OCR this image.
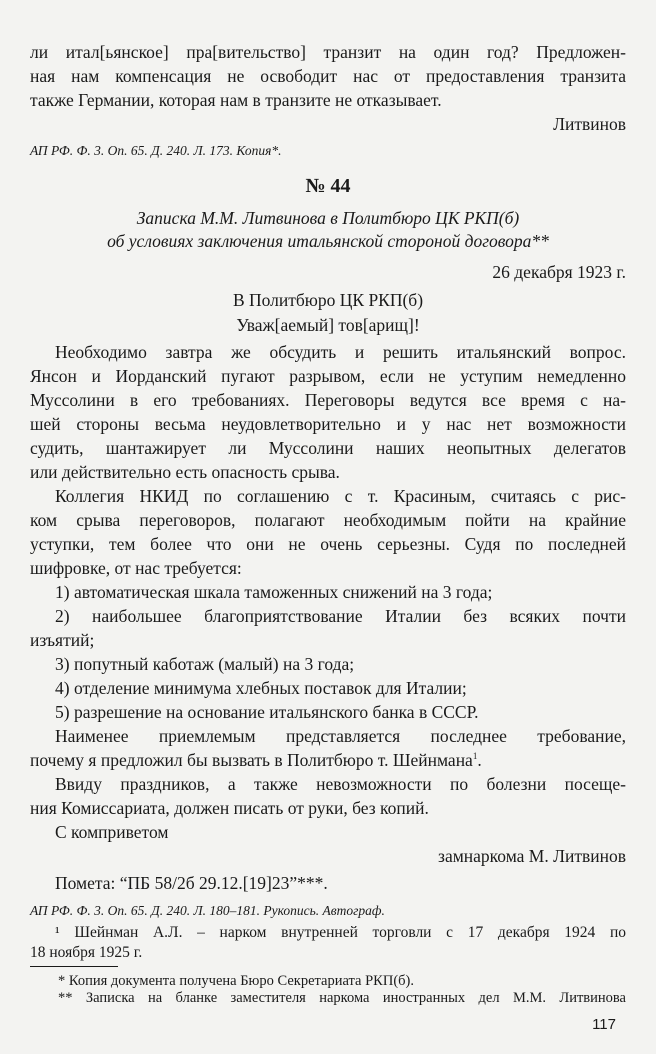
ли итал[ьянское] пра[вительство] транзит на один год? Предложен-
ная нам компенсация не освободит нас от предоставления транзита
также Германии, которая нам в транзите не отказывает.
Литвинов
АП РФ. Ф. 3. Оп. 65. Д. 240. Л. 173. Копия*.
№ 44
Записка М.М. Литвинова в Политбюро ЦК РКП(б)
об условиях заключения итальянской стороной договора**
26 декабря 1923 г.
В Политбюро ЦК РКП(б)
Уваж[аемый] тов[арищ]!
Необходимо завтра же обсудить и решить итальянский вопрос.
Янсон и Иорданский пугают разрывом, если не уступим немедленно
Муссолини в его требованиях. Переговоры ведутся все время с на-
шей стороны весьма неудовлетворительно и у нас нет возможности
судить, шантажирует ли Муссолини наших неопытных делегатов
или действительно есть опасность срыва.
Коллегия НКИД по соглашению с т. Красиным, считаясь с рис-
ком срыва переговоров, полагают необходимым пойти на крайние
уступки, тем более что они не очень серьезны. Судя по последней
шифровке, от нас требуется:
1) автоматическая шкала таможенных снижений на 3 года;
2) наибольшее благоприятствование Италии без всяких почти
изъятий;
3) попутный каботаж (малый) на 3 года;
4) отделение минимума хлебных поставок для Италии;
5) разрешение на основание итальянского банка в СССР.
Наименее приемлемым представляется последнее требование,
почему я предложил бы вызвать в Политбюро т. Шейнмана$^1$.
Ввиду праздников, а также невозможности по болезни посеще-
ния Комиссариата, должен писать от руки, без копий.
С комприветом
замнаркома М. Литвинов
Помета: “ПБ 58/2б 29.12.[19]23”***.
АП РФ. Ф. 3. Оп. 65. Д. 240. Л. 180–181. Рукопись. Автограф.
¹ Шейнман А.Л. – нарком внутренней торговли с 17 декабря 1924 по
18 ноября 1925 г.
* Копия документа получена Бюро Секретариата РКП(б).
** Записка на бланке заместителя наркома иностранных дел М.М. Литвинова
117
